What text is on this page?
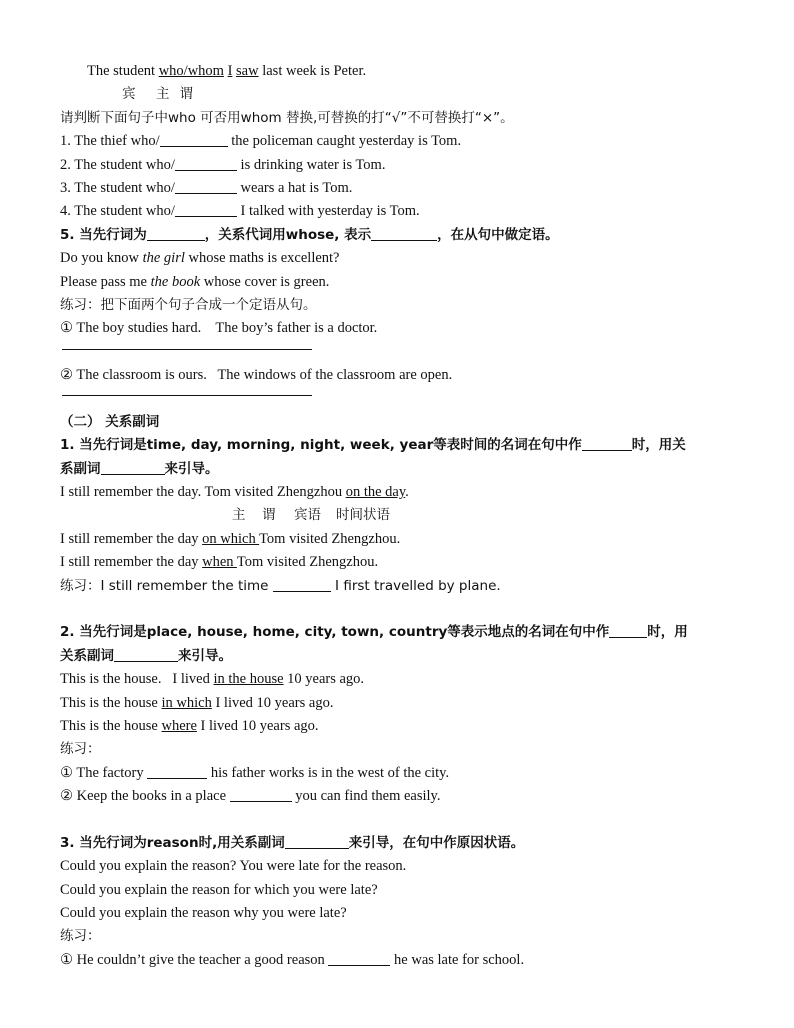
The student who/whom I saw last week is Peter.
宾 主谓
请判断下面句子中who 可否用whom 替换,可替换的打“√”不可替换打“×”。
1. The thief who/	the policeman caught yesterday is Tom.
2. The student who/	is drinking water is Tom.
3. The student who/	wears a hat is Tom.
4. The student who/	I talked with yesterday is Tom.
5. 当先行词为	，关系代词用whose, 表示	，在从句中做定语。
Do you know the girl whose maths is excellent?
Please pass me the book whose cover is green.
练习：把下面两个句子合成一个定语从句。
① The boy studies hard.    The boy’s father is a doctor.
② The classroom is ours.   The windows of the classroom are open.
（二） 关系副词
1. 当先行词是time, day, morning, night, week, year等表时间的名词在句中作	时，用关
系副词	来引导。
I still remember the day. Tom visited Zhengzhou on the day.
主 谓 宾语 时间状语
I still remember the day on which Tom visited Zhengzhou.
I still remember the day when Tom visited Zhengzhou.
练习：I still remember the time	I first travelled by plane.
2. 当先行词是place, house, home, city, town, country等表示地点的名词在句中作	时，用
关系副词	来引导。
This is the house.   I lived in the house 10 years ago.
This is the house in which I lived 10 years ago.
This is the house where I lived 10 years ago.
练习：
① The factory	his father works is in the west of the city.
② Keep the books in a place	you can find them easily.
3. 当先行词为reason时,用关系副词	来引导，在句中作原因状语。
Could you explain the reason? You were late for the reason.
Could you explain the reason for which you were late?
Could you explain the reason why you were late?
练习：
① He couldn’t give the teacher a good reason	he was late for school.
